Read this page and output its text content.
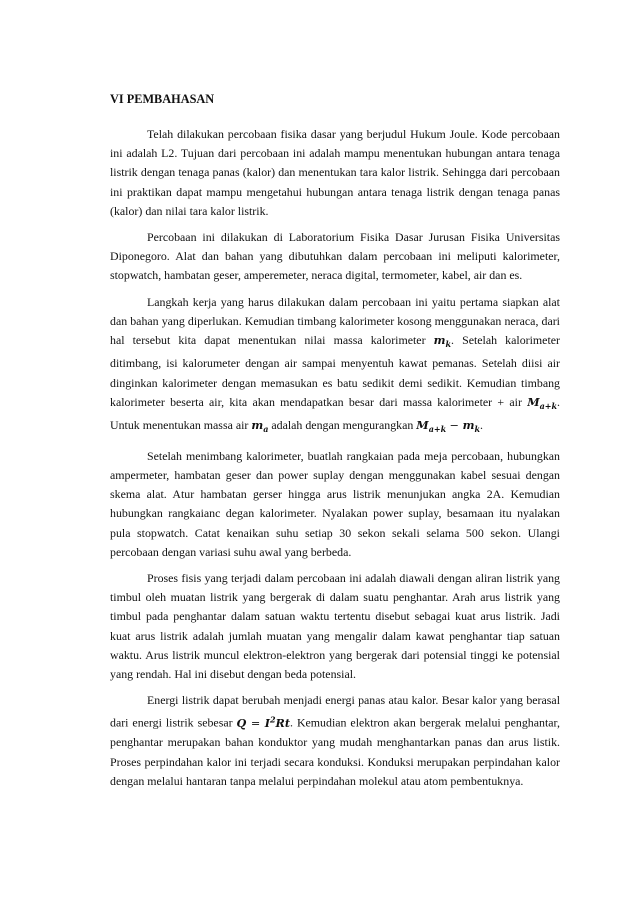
VI PEMBAHASAN

Telah dilakukan percobaan fisika dasar yang berjudul Hukum Joule. Kode percobaan ini adalah L2. Tujuan dari percobaan ini adalah mampu menentukan hubungan antara tenaga listrik dengan tenaga panas (kalor) dan menentukan tara kalor listrik. Sehingga dari percobaan ini praktikan dapat mampu mengetahui hubungan antara tenaga listrik dengan tenaga panas (kalor) dan nilai tara kalor listrik.

Percobaan ini dilakukan di Laboratorium Fisika Dasar Jurusan Fisika Universitas Diponegoro. Alat dan bahan yang dibutuhkan dalam percobaan ini meliputi kalorimeter, stopwatch, hambatan geser, amperemeter, neraca digital, termometer, kabel, air dan es.

Langkah kerja yang harus dilakukan dalam percobaan ini yaitu pertama siapkan alat dan bahan yang diperlukan. Kemudian timbang kalorimeter kosong menggunakan neraca, dari hal tersebut kita dapat menentukan nilai massa kalorimeter $m_k$. Setelah kalorimeter ditimbang, isi kalorumeter dengan air sampai menyentuh kawat pemanas. Setelah diisi air dinginkan kalorimeter dengan memasukan es batu sedikit demi sedikit. Kemudian timbang kalorimeter beserta air, kita akan mendapatkan besar dari massa kalorimeter + air $M_{a+k}$. Untuk menentukan massa air $m_a$ adalah dengan mengurangkan $M_{a+k} - m_k$.

Setelah menimbang kalorimeter, buatlah rangkaian pada meja percobaan, hubungkan ampermeter, hambatan geser dan power suplay dengan menggunakan kabel sesuai dengan skema alat. Atur hambatan gerser hingga arus listrik menunjukan angka 2A. Kemudian hubungkan rangkaianc degan kalorimeter. Nyalakan power suplay, besamaan itu nyalakan pula stopwatch. Catat kenaikan suhu setiap 30 sekon sekali selama 500 sekon. Ulangi percobaan dengan variasi suhu awal yang berbeda.

Proses fisis yang terjadi dalam percobaan ini adalah diawali dengan aliran listrik yang timbul oleh muatan listrik yang bergerak di dalam suatu penghantar. Arah arus listrik yang timbul pada penghantar dalam satuan waktu tertentu disebut sebagai kuat arus listrik. Jadi kuat arus listrik adalah jumlah muatan yang mengalir dalam kawat penghantar tiap satuan waktu. Arus listrik muncul elektron-elektron yang bergerak dari potensial tinggi ke potensial yang rendah. Hal ini disebut dengan beda potensial.

Energi listrik dapat berubah menjadi energi panas atau kalor. Besar kalor yang berasal dari energi listrik sebesar $Q = I^2Rt$. Kemudian elektron akan bergerak melalui penghantar, penghantar merupakan bahan konduktor yang mudah menghantarkan panas dan arus listik. Proses perpindahan kalor ini terjadi secara konduksi. Konduksi merupakan perpindahan kalor dengan melalui hantaran tanpa melalui perpindahan molekul atau atom pembentuknya.
